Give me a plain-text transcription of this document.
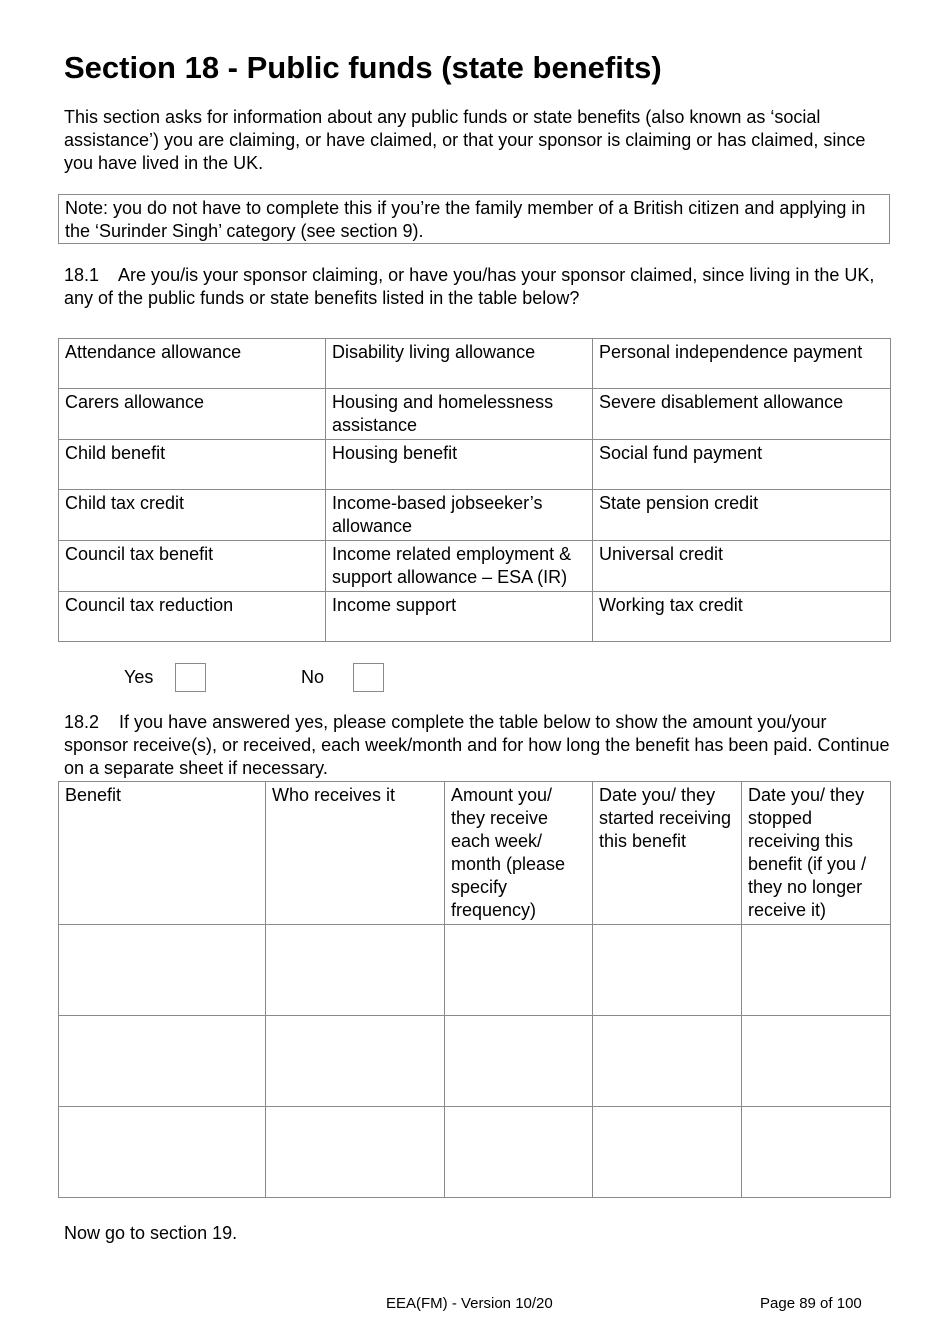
Section 18 - Public funds (state benefits)

This section asks for information about any public funds or state benefits (also known as ‘social assistance’) you are claiming, or have claimed, or that your sponsor is claiming or has claimed, since you have lived in the UK.

Note: you do not have to complete this if you’re the family member of a British citizen and applying in the ‘Surinder Singh’ category (see section 9).

18.1    Are you/is your sponsor claiming, or have you/has your sponsor claimed, since living in the UK, any of the public funds or state benefits listed in the table below?

Attendance allowance	Disability living allowance	Personal independence payment
Carers allowance	Housing and homelessness assistance	Severe disablement allowance
Child benefit	Housing benefit	Social fund payment
Child tax credit	Income-based jobseeker’s allowance	State pension credit
Council tax benefit	Income related employment & support allowance – ESA (IR)	Universal credit
Council tax reduction	Income support	Working tax credit
Yes	No

18.2    If you have answered yes, please complete the table below to show the amount you/your sponsor receive(s), or received, each week/month and for how long the benefit has been paid. Continue on a separate sheet if necessary.

Benefit	Who receives it	Amount you/ they receive each week/ month (please specify frequency)	Date you/ they started receiving this benefit	Date you/ they stopped receiving this benefit (if you / they no longer receive it)

Now go to section 19.

EEA(FM) - Version 10/20	Page 89 of 100
